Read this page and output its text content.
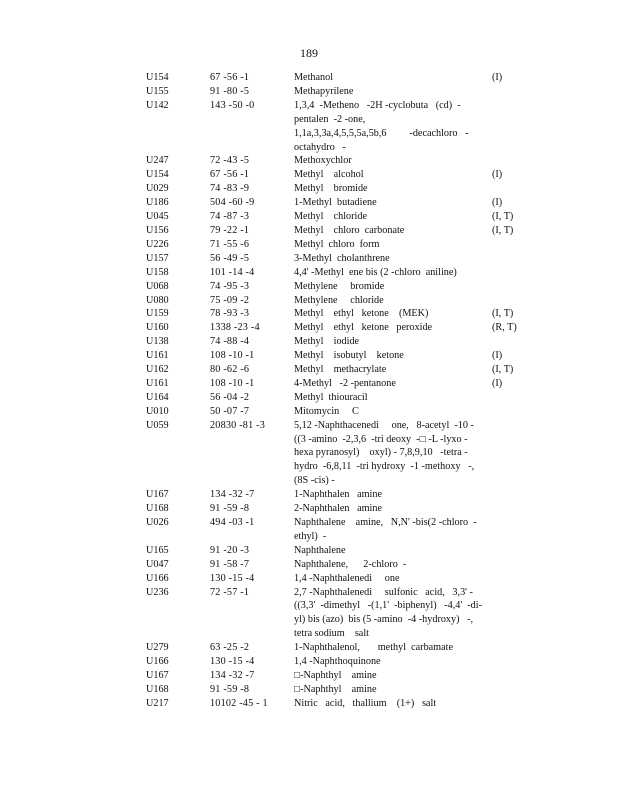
189
U154	67 -56 -1	Methanol	(I)
U155	91 -80 -5	Methapyrilene
U142	143 -50 -0	1,3,4  -Metheno   -2H -cyclobuta   (cd)  -
pentalen  -2 -one,
1,1a,3,3a,4,5,5,5a,5b,6         -decachloro   -
octahydro   -
U247	72 -43 -5	Methoxychlor
U154	67 -56 -1	Methyl    alcohol	(I)
U029	74 -83 -9	Methyl    bromide
U186	504 -60 -9	1-Methyl  butadiene	(I)
U045	74 -87 -3	Methyl    chloride	(I, T)
U156	79 -22 -1	Methyl    chloro  carbonate	(I, T)
U226	71 -55 -6	Methyl  chloro  form
U157	56 -49 -5	3-Methyl  cholanthrene
U158	101 -14 -4	4,4' -Methyl  ene bis (2 -chloro  aniline)
U068	74 -95 -3	Methylene     bromide
U080	75 -09 -2	Methylene     chloride
U159	78 -93 -3	Methyl    ethyl   ketone    (MEK)	(I, T)
U160	1338 -23 -4	Methyl    ethyl   ketone   peroxide	(R, T)
U138	74 -88 -4	Methyl    iodide
U161	108 -10 -1	Methyl    isobutyl    ketone	(I)
U162	80 -62 -6	Methyl    methacrylate	(I, T)
U161	108 -10 -1	4-Methyl   -2 -pentanone	(I)
U164	56 -04 -2	Methyl  thiouracil
U010	50 -07 -7	Mitomycin     C
U059	20830 -81 -3	5,12 -Naphthacenedi     one,   8-acetyl  -10 -
((3 -amino  -2,3,6  -tri deoxy  -□ -L -lyxo -
hexa pyranosyl)    oxyl) - 7,8,9,10   -tetra -
hydro  -6,8,11  -tri hydroxy  -1 -methoxy   -,
(8S -cis) -
U167	134 -32 -7	1-Naphthalen   amine
U168	91 -59 -8	2-Naphthalen   amine
U026	494 -03 -1	Naphthalene    amine,   N,N' -bis(2 -chloro  -
ethyl)  -
U165	91 -20 -3	Naphthalene
U047	91 -58 -7	Naphthalene,      2-chloro  -
U166	130 -15 -4	1,4 -Naphthalenedi     one
U236	72 -57 -1	2,7 -Naphthalenedi     sulfonic   acid,   3,3' -
((3,3'  -dimethyl   -(1,1'  -biphenyl)   -4,4'  -di-
yl) bis (azo)  bis (5 -amino  -4 -hydroxy)   -,
tetra sodium    salt
U279	63 -25 -2	1-Naphthalenol,       methyl  carbamate
U166	130 -15 -4	1,4 -Naphthoquinone
U167	134 -32 -7	□-Naphthyl    amine
U168	91 -59 -8	□-Naphthyl    amine
U217	10102 -45 - 1	Nitric   acid,   thallium    (1+)   salt
